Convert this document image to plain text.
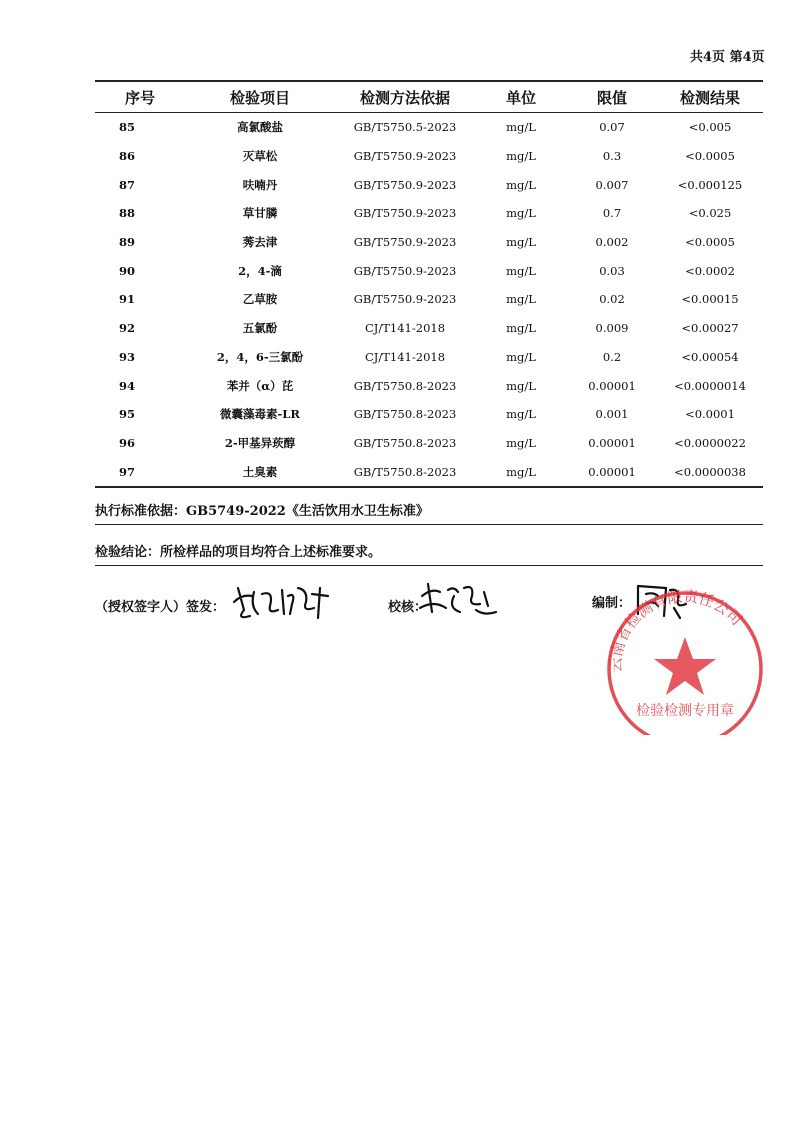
共4页 第4页
序号	检验项目	检测方法依据	单位	限值	检测结果
85	高氯酸盐	GB/T5750.5-2023	mg/L	0.07	<0.005
86	灭草松	GB/T5750.9-2023	mg/L	0.3	<0.0005
87	呋喃丹	GB/T5750.9-2023	mg/L	0.007	<0.000125
88	草甘膦	GB/T5750.9-2023	mg/L	0.7	<0.025
89	莠去津	GB/T5750.9-2023	mg/L	0.002	<0.0005
90	2，4-滴	GB/T5750.9-2023	mg/L	0.03	<0.0002
91	乙草胺	GB/T5750.9-2023	mg/L	0.02	<0.00015
92	五氯酚	CJ/T141-2018	mg/L	0.009	<0.00027
93	2，4，6-三氯酚	CJ/T141-2018	mg/L	0.2	<0.00054
94	苯并（α）芘	GB/T5750.8-2023	mg/L	0.00001	<0.0000014
95	微囊藻毒素-LR	GB/T5750.8-2023	mg/L	0.001	<0.0001
96	2-甲基异莰醇	GB/T5750.8-2023	mg/L	0.00001	<0.0000022
97	土臭素	GB/T5750.8-2023	mg/L	0.00001	<0.0000038
执行标准依据：GB5749-2022《生活饮用水卫生标准》
检验结论：所检样品的项目均符合上述标准要求。
（授权签字人）签发：	校核：	编制：
云南省检测有限责任公司
检验检测专用章
